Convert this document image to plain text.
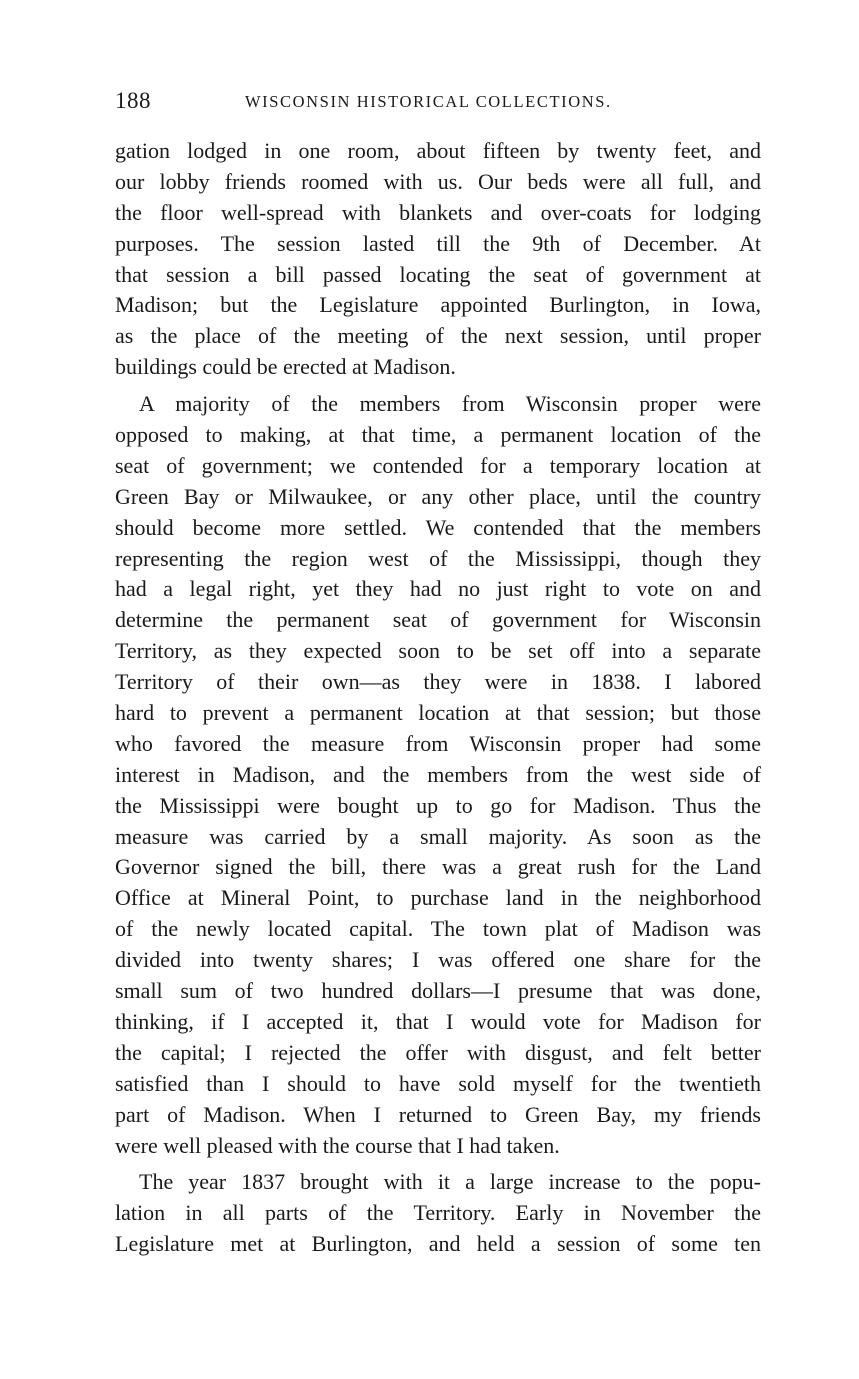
188	WISCONSIN HISTORICAL COLLECTIONS.
gation lodged in one room, about fifteen by twenty feet, and
our lobby friends roomed with us. Our beds were all full, and
the floor well-spread with blankets and over-coats for lodging
purposes. The session lasted till the 9th of December. At
that session a bill passed locating the seat of government at
Madison; but the Legislature appointed Burlington, in Iowa,
as the place of the meeting of the next session, until proper
buildings could be erected at Madison.
A majority of the members from Wisconsin proper were
opposed to making, at that time, a permanent location of the
seat of government; we contended for a temporary location at
Green Bay or Milwaukee, or any other place, until the country
should become more settled. We contended that the members
representing the region west of the Mississippi, though they
had a legal right, yet they had no just right to vote on and
determine the permanent seat of government for Wisconsin
Territory, as they expected soon to be set off into a separate
Territory of their own—as they were in 1838. I labored
hard to prevent a permanent location at that session; but those
who favored the measure from Wisconsin proper had some
interest in Madison, and the members from the west side of
the Mississippi were bought up to go for Madison. Thus the
measure was carried by a small majority. As soon as the
Governor signed the bill, there was a great rush for the Land
Office at Mineral Point, to purchase land in the neighborhood
of the newly located capital. The town plat of Madison was
divided into twenty shares; I was offered one share for the
small sum of two hundred dollars—I presume that was done,
thinking, if I accepted it, that I would vote for Madison for
the capital; I rejected the offer with disgust, and felt better
satisfied than I should to have sold myself for the twentieth
part of Madison. When I returned to Green Bay, my friends
were well pleased with the course that I had taken.
The year 1837 brought with it a large increase to the popu-
lation in all parts of the Territory. Early in November the
Legislature met at Burlington, and held a session of some ten
